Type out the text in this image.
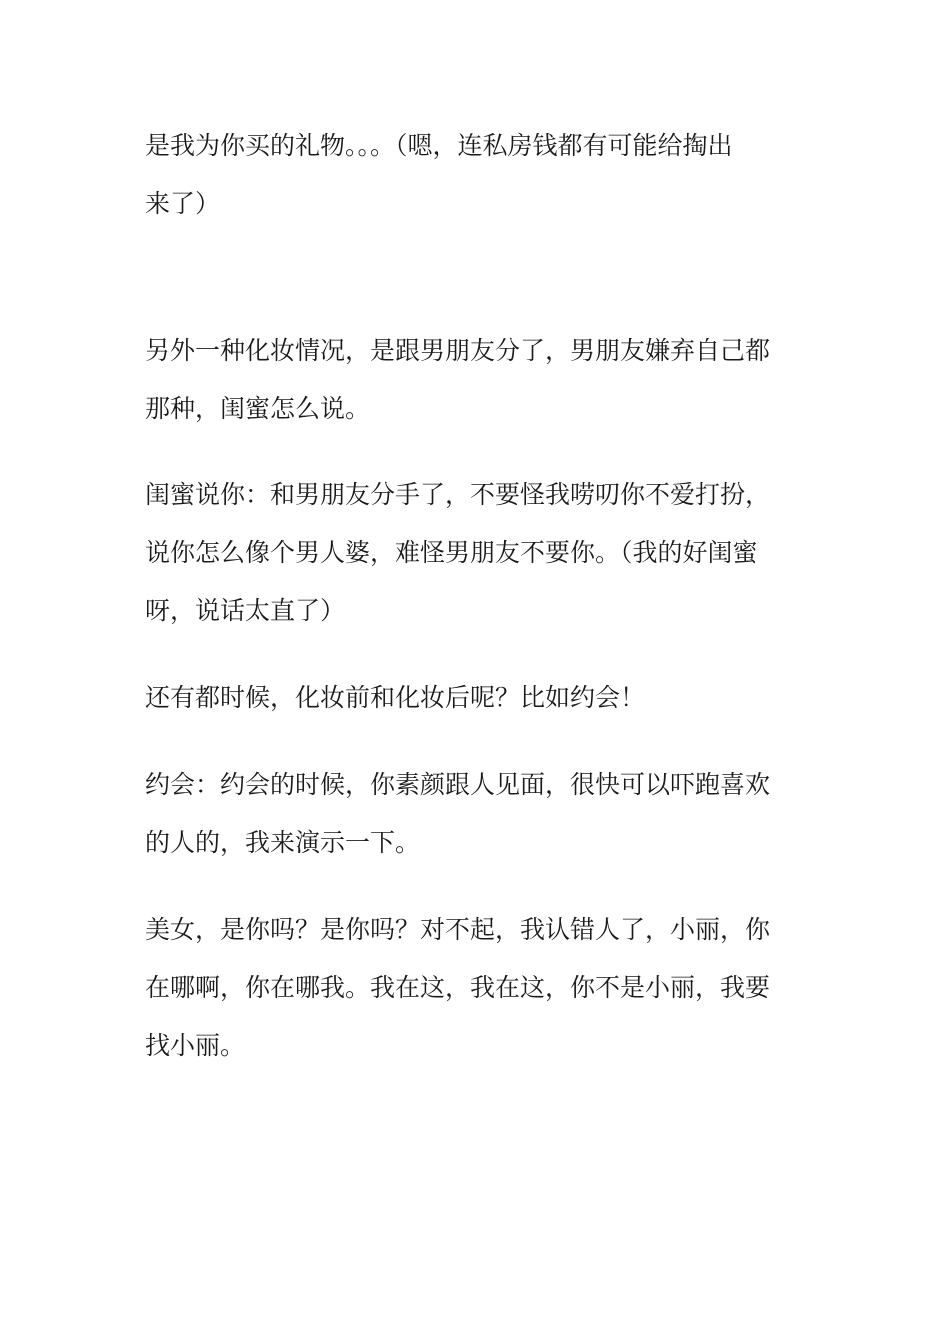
是我为你买的礼物。。。（嗯，连私房钱都有可能给掏出
来了）

另外一种化妆情况，是跟男朋友分了，男朋友嫌弃自己都
那种，闺蜜怎么说。

闺蜜说你：和男朋友分手了，不要怪我唠叨你不爱打扮，
说你怎么像个男人婆，难怪男朋友不要你。（我的好闺蜜
呀，说话太直了）

还有都时候，化妆前和化妆后呢？比如约会！

约会：约会的时候，你素颜跟人见面，很快可以吓跑喜欢
的人的，我来演示一下。

美女，是你吗？是你吗？对不起，我认错人了，小丽，你
在哪啊，你在哪我。我在这，我在这，你不是小丽，我要
找小丽。
